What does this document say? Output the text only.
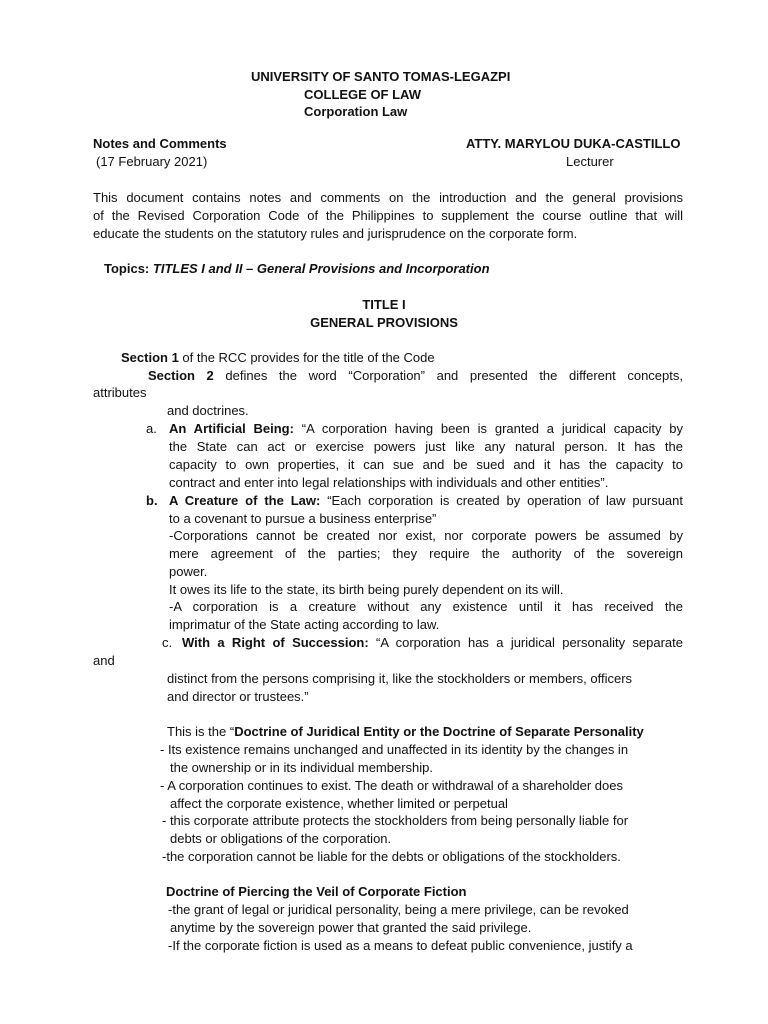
UNIVERSITY OF SANTO TOMAS-LEGAZPI
COLLEGE OF LAW
Corporation Law
Notes and Comments
(17 February 2021)
ATTY. MARYLOU DUKA-CASTILLO
Lecturer
This document contains notes and comments on the introduction and the general provisions
of the Revised Corporation Code of the Philippines to supplement the course outline that will
educate the students on the statutory rules and jurisprudence on the corporate form.
Topics: TITLES I and II – General Provisions and Incorporation
TITLE I
GENERAL PROVISIONS
Section 1 of the RCC provides for the title of the Code
Section 2 defines the word “Corporation” and presented the different concepts,
attributes
and doctrines.
a. An Artificial Being: “A corporation having been is granted a juridical capacity by
the State can act or exercise powers just like any natural person. It has the
capacity to own properties, it can sue and be sued and it has the capacity to
contract and enter into legal relationships with individuals and other entities”.
b. A Creature of the Law: “Each corporation is created by operation of law pursuant
to a covenant to pursue a business enterprise”
-Corporations cannot be created nor exist, nor corporate powers be assumed by
mere agreement of the parties; they require the authority of the sovereign
power.
It owes its life to the state, its birth being purely dependent on its will.
-A corporation is a creature without any existence until it has received the
imprimatur of the State acting according to law.
c. With a Right of Succession: “A corporation has a juridical personality separate
and
distinct from the persons comprising it, like the stockholders or members, officers
and director or trustees.”
This is the “Doctrine of Juridical Entity or the Doctrine of Separate Personality
- Its existence remains unchanged and unaffected in its identity by the changes in
the ownership or in its individual membership.
- A corporation continues to exist. The death or withdrawal of a shareholder does
affect the corporate existence, whether limited or perpetual
- this corporate attribute protects the stockholders from being personally liable for
debts or obligations of the corporation.
-the corporation cannot be liable for the debts or obligations of the stockholders.
Doctrine of Piercing the Veil of Corporate Fiction
-the grant of legal or juridical personality, being a mere privilege, can be revoked
anytime by the sovereign power that granted the said privilege.
-If the corporate fiction is used as a means to defeat public convenience, justify a
